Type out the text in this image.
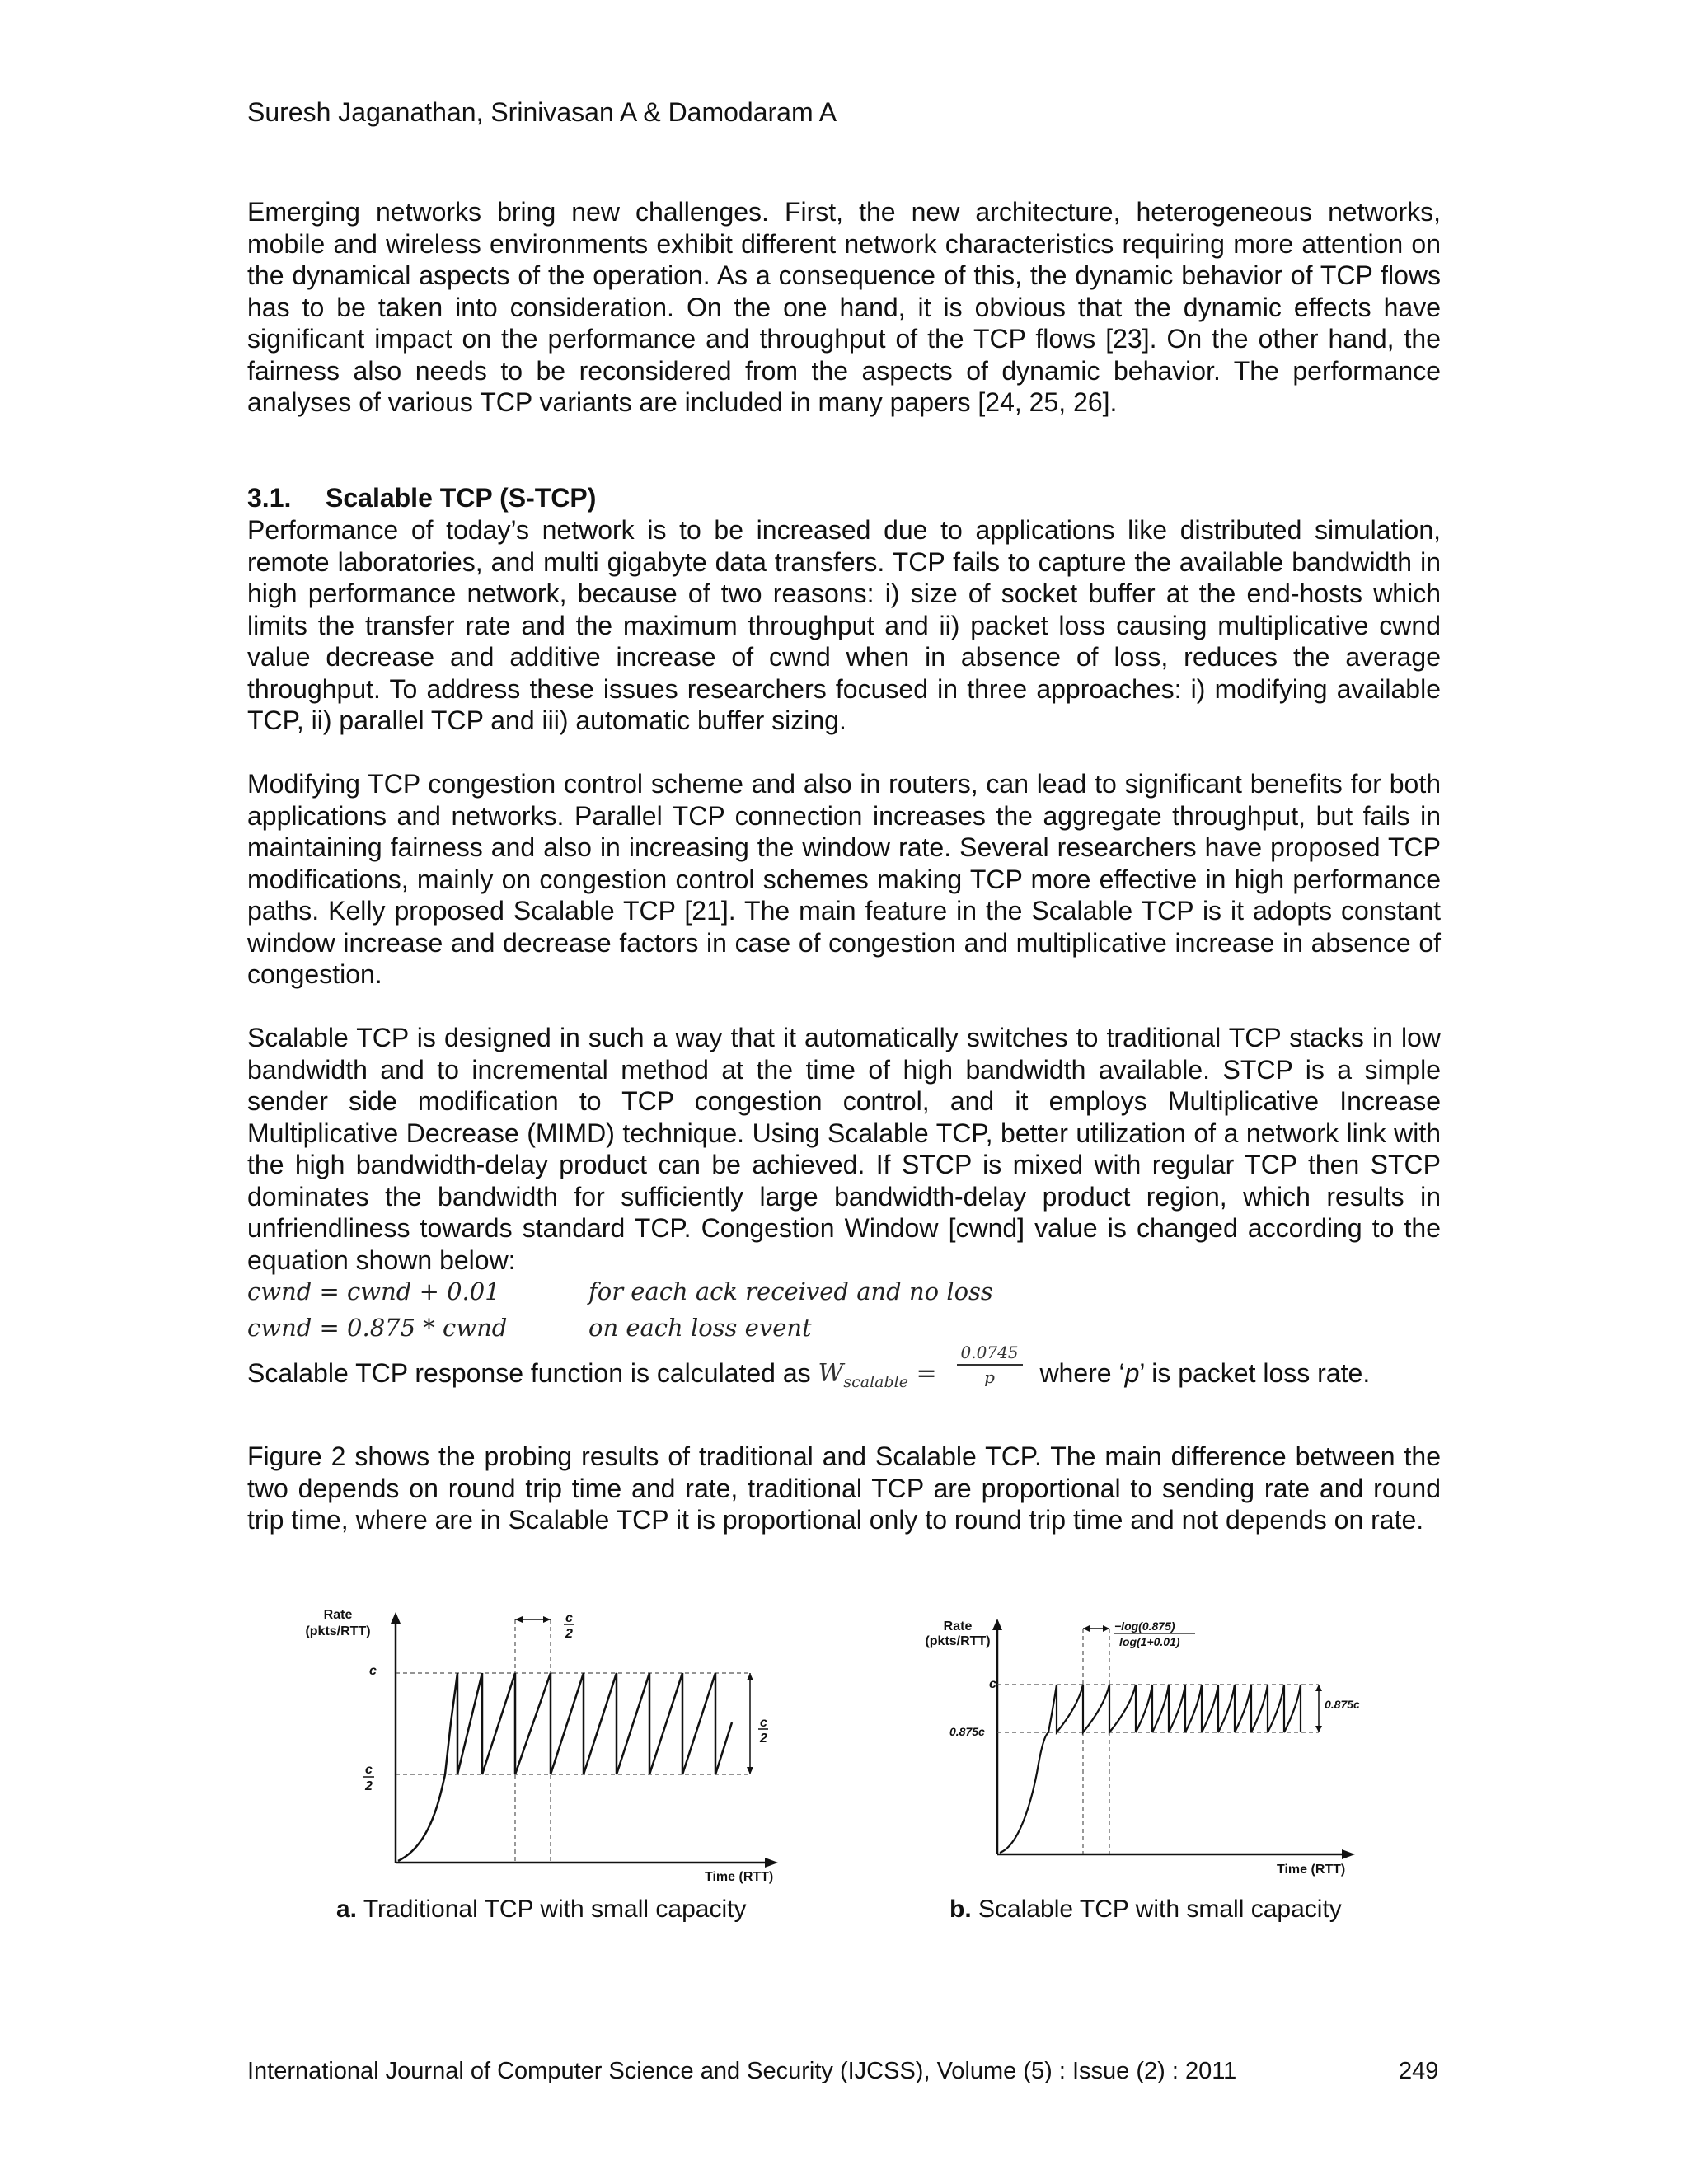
Suresh Jaganathan, Srinivasan A & Damodaram A

Emerging networks bring new challenges. First, the new architecture, heterogeneous networks, mobile and wireless environments exhibit different network characteristics requiring more attention on the dynamical aspects of the operation. As a consequence of this, the dynamic behavior of TCP flows has to be taken into consideration. On the one hand, it is obvious that the dynamic effects have significant impact on the performance and throughput of the TCP flows [23]. On the other hand, the fairness also needs to be reconsidered from the aspects of dynamic behavior. The performance analyses of various TCP variants are included in many papers [24, 25, 26].

3.1. Scalable TCP (S-TCP)

Performance of today’s network is to be increased due to applications like distributed simulation, remote laboratories, and multi gigabyte data transfers. TCP fails to capture the available bandwidth in high performance network, because of two reasons: i) size of socket buffer at the end-hosts which limits the transfer rate and the maximum throughput and ii) packet loss causing multiplicative cwnd value decrease and additive increase of cwnd when in absence of loss, reduces the average throughput. To address these issues researchers focused in three approaches: i) modifying available TCP, ii) parallel TCP and iii) automatic buffer sizing.

Modifying TCP congestion control scheme and also in routers, can lead to significant benefits for both applications and networks. Parallel TCP connection increases the aggregate throughput, but fails in maintaining fairness and also in increasing the window rate. Several researchers have proposed TCP modifications, mainly on congestion control schemes making TCP more effective in high performance paths. Kelly proposed Scalable TCP [21]. The main feature in the Scalable TCP is it adopts constant window increase and decrease factors in case of congestion and multiplicative increase in absence of congestion.

Scalable TCP is designed in such a way that it automatically switches to traditional TCP stacks in low bandwidth and to incremental method at the time of high bandwidth available. STCP is a simple sender side modification to TCP congestion control, and it employs Multiplicative Increase Multiplicative Decrease (MIMD) technique. Using Scalable TCP, better utilization of a network link with the high bandwidth-delay product can be achieved. If STCP is mixed with regular TCP then STCP dominates the bandwidth for sufficiently large bandwidth-delay product region, which results in unfriendliness towards standard TCP. Congestion Window [cwnd] value is changed according to the equation shown below:

cwnd = cwnd + 0.01	for each ack received and no loss
cwnd = 0.875 * cwnd	on each loss event
Scalable TCP response function is calculated as $W_{scalable}$ =
0.0745
p	where ‘p’ is packet loss rate.

Figure 2 shows the probing results of traditional and Scalable TCP. The main difference between the two depends on round trip time and rate, traditional TCP are proportional to sending rate and round trip time, where are in Scalable TCP it is proportional only to round trip time and not depends on rate.

Rate
(pkts/RTT)
c
c
2
c
2
c
2
Time (RTT)
a. Traditional TCP with small capacity
Rate
(pkts/RTT)
c
0.875c
−log(0.875)
log(1+0.01)
0.875c
Time (RTT)
b. Scalable TCP with small capacity
International Journal of Computer Science and Security (IJCSS), Volume (5) : Issue (2) : 2011	249
